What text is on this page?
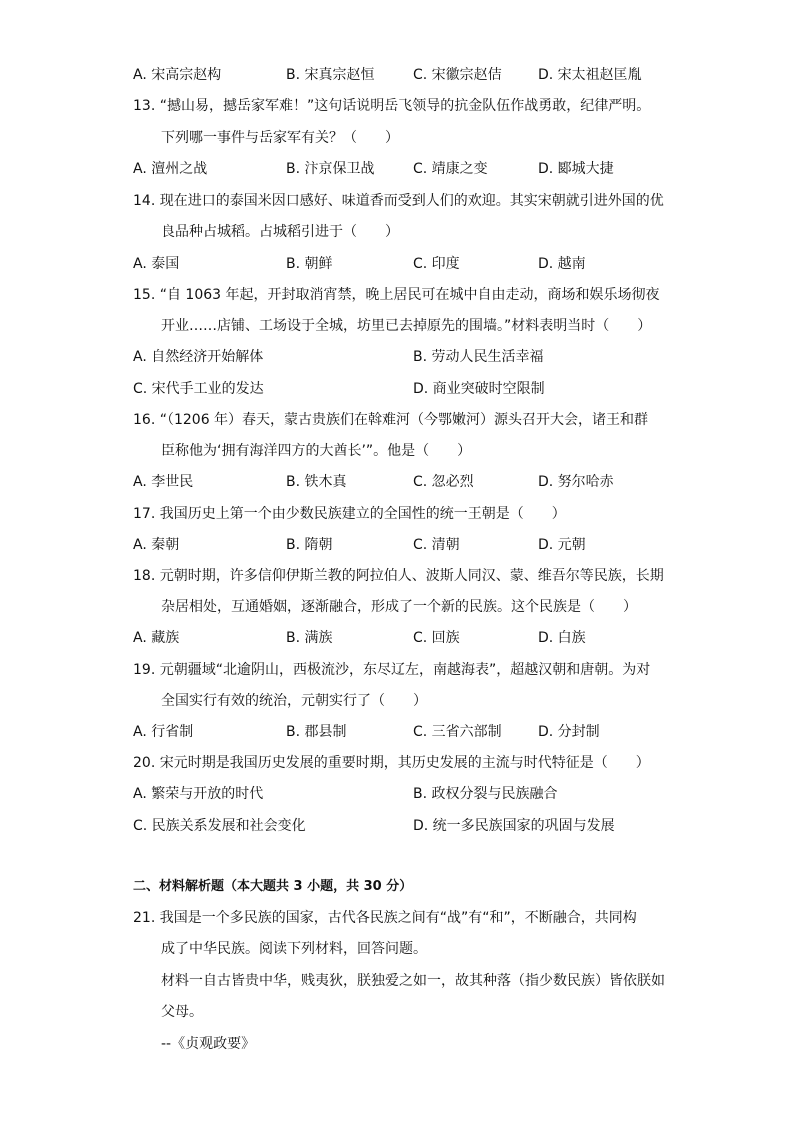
A. 宋高宗赵构	B. 宋真宗赵恒	C. 宋徽宗赵佶	D. 宋太祖赵匡胤
13. “撼山易，撼岳家军难！”这句话说明岳飞领导的抗金队伍作战勇敢，纪律严明。
下列哪一事件与岳家军有关？（　　）
A. 澶州之战	B. 汴京保卫战	C. 靖康之变	D. 郾城大捷
14. 现在进口的泰国米因口感好、味道香而受到人们的欢迎。其实宋朝就引进外国的优
良品种占城稻。占城稻引进于（　　）
A. 泰国	B. 朝鲜	C. 印度	D. 越南
15. “自 1063 年起，开封取消宵禁，晚上居民可在城中自由走动，商场和娱乐场彻夜
开业……店铺、工场设于全城，坊里已去掉原先的围墙。”材料表明当时（　　）
A. 自然经济开始解体	B. 劳动人民生活幸福
C. 宋代手工业的发达	D. 商业突破时空限制
16. “（1206 年）春天，蒙古贵族们在斡难河（今鄂嫩河）源头召开大会，诸王和群
臣称他为‘拥有海洋四方的大酋长’”。他是（　　）
A. 李世民	B. 铁木真	C. 忽必烈	D. 努尔哈赤
17. 我国历史上第一个由少数民族建立的全国性的统一王朝是（　　）
A. 秦朝	B. 隋朝	C. 清朝	D. 元朝
18. 元朝时期，许多信仰伊斯兰教的阿拉伯人、波斯人同汉、蒙、维吾尔等民族，长期
杂居相处，互通婚姻，逐渐融合，形成了一个新的民族。这个民族是（　　）
A. 藏族	B. 满族	C. 回族	D. 白族
19. 元朝疆域“北逾阴山，西极流沙，东尽辽左，南越海表”，超越汉朝和唐朝。为对
全国实行有效的统治，元朝实行了（　　）
A. 行省制	B. 郡县制	C. 三省六部制	D. 分封制
20. 宋元时期是我国历史发展的重要时期，其历史发展的主流与时代特征是（　　）
A. 繁荣与开放的时代	B. 政权分裂与民族融合
C. 民族关系发展和社会变化	D. 统一多民族国家的巩固与发展
二、材料解析题（本大题共 3 小题，共 30 分）
21. 我国是一个多民族的国家，古代各民族之间有“战”有“和”，不断融合，共同构
成了中华民族。阅读下列材料，回答问题。
材料一自古皆贵中华，贱夷狄，朕独爱之如一，故其种落（指少数民族）皆依朕如
父母。
--《贞观政要》
